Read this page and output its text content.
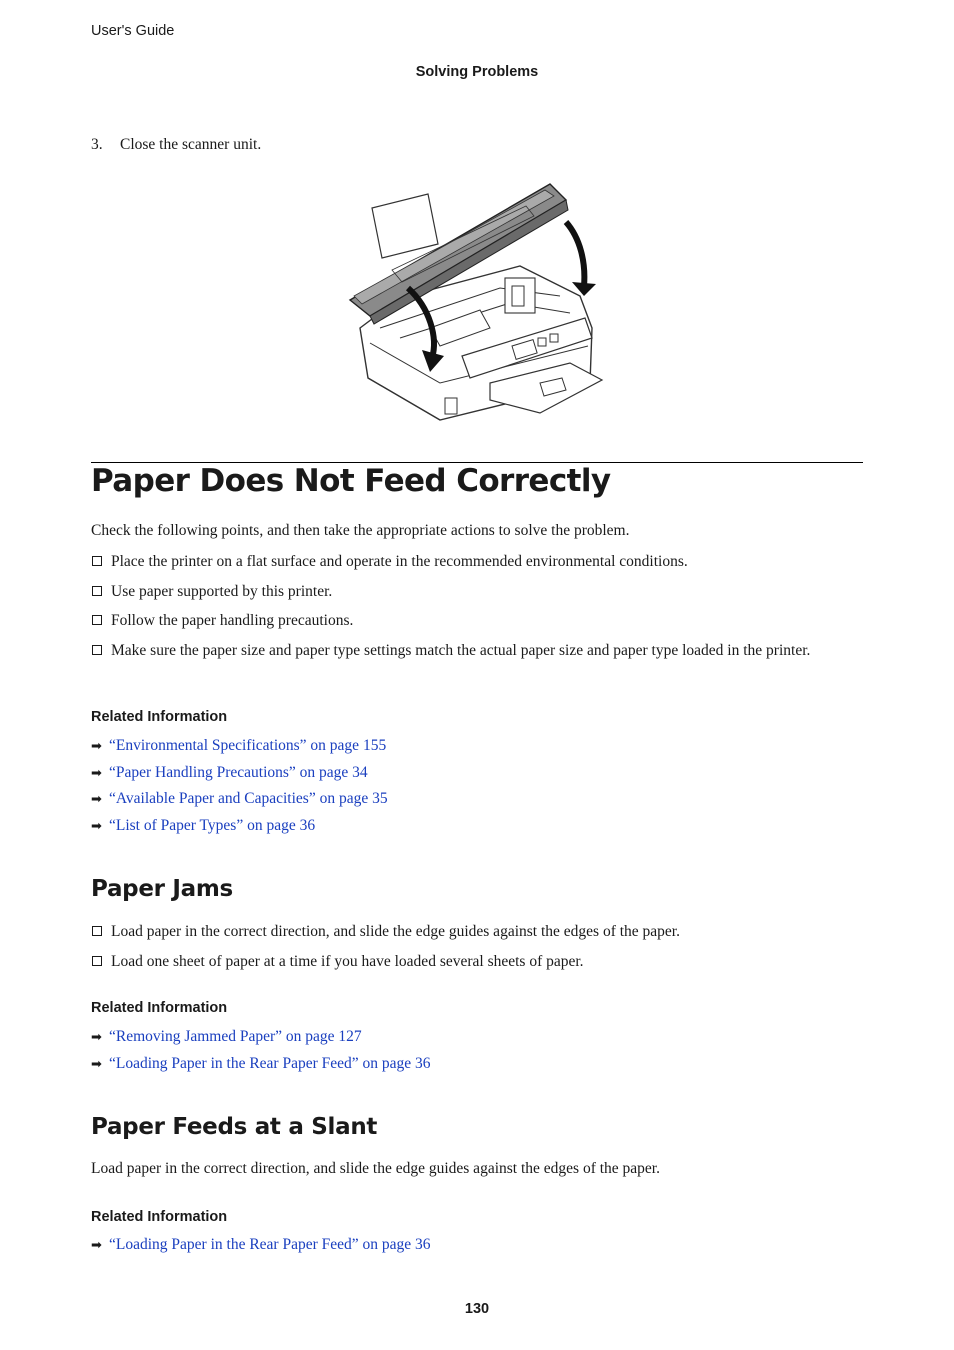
User's Guide
Solving Problems
3. Close the scanner unit.
Paper Does Not Feed Correctly
Check the following points, and then take the appropriate actions to solve the problem.
Place the printer on a flat surface and operate in the recommended environmental conditions.
Use paper supported by this printer.
Follow the paper handling precautions.
Make sure the paper size and paper type settings match the actual paper size and paper type loaded in the printer.
Related Information
➡ “Environmental Specifications” on page 155
➡ “Paper Handling Precautions” on page 34
➡ “Available Paper and Capacities” on page 35
➡ “List of Paper Types” on page 36
Paper Jams
Load paper in the correct direction, and slide the edge guides against the edges of the paper.
Load one sheet of paper at a time if you have loaded several sheets of paper.
Related Information
➡ “Removing Jammed Paper” on page 127
➡ “Loading Paper in the Rear Paper Feed” on page 36
Paper Feeds at a Slant
Load paper in the correct direction, and slide the edge guides against the edges of the paper.
Related Information
➡ “Loading Paper in the Rear Paper Feed” on page 36
130
